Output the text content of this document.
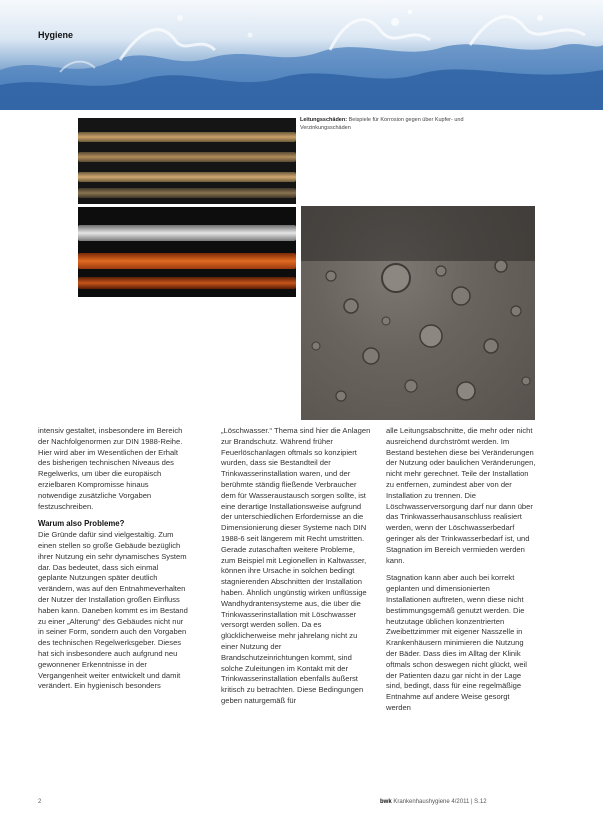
Hygiene
Leitungsschäden: Beispiele für Korrosion gegen über Kupfer- und Verzinkungsschäden

intensiv gestaltet, insbesondere im Bereich der Nachfolgenormen zur DIN 1988-Reihe. Hier wird aber im Wesentlichen der Erhalt des bisherigen technischen Niveaus des Regelwerks, um über die europäisch erzielbaren Kompromisse hinaus notwendige zusätzliche Vorgaben festzuschreiben.

Warum also Probleme?

Die Gründe dafür sind vielgestaltig. Zum einen stellen so große Gebäude bezüglich ihrer Nutzung ein sehr dynamisches System dar. Das bedeutet, dass sich einmal geplante Nutzungen später deutlich verändern, was auf den Entnahmeverhalten der Nutzer der Installation großen Einfluss haben kann. Daneben kommt es im Bestand zu einer „Alterung“ des Gebäudes nicht nur in seiner Form, sondern auch den Vorgaben des technischen Regelwerksgeber. Dieses hat sich insbesondere auch aufgrund neu gewonnener Erkenntnisse in der Vergangenheit weiter entwickelt und damit verändert. Ein hygienisch besonders

„Löschwasser.“ Thema sind hier die Anlagen zur Brandschutz. Während früher Feuerlöschanlagen oftmals so konzipiert wurden, dass sie Bestandteil der Trinkwasserinstallation waren, und der berühmte ständig fließende Verbraucher dem für Wasseraustausch sorgen sollte, ist eine derartige Installationsweise aufgrund der unterschiedlichen Erfordernisse an die Dimensionierung dieser Systeme nach DIN 1988-6 seit längerem mit Recht umstritten. Gerade zutaschaften weitere Probleme, zum Beispiel mit Legionellen in Kaltwasser, können ihre Ursache in solchen bedingt stagnierenden Abschnitten der Installation haben. Ähnlich ungünstig wirken unflüssige Wandhydrantensysteme aus, die über die Trinkwasserinstallation mit Löschwasser versorgt werden sollen. Da es glücklicherweise mehr jahrelang nicht zu einer Nutzung der Brandschutzeinrichtungen kommt, sind solche Zuleitungen im Kontakt mit der Trinkwasserinstallation ebenfalls äußerst kritisch zu betrachten. Diese Bedingungen geben naturgemäß für

alle Leitungsabschnitte, die mehr oder nicht ausreichend durchströmt werden. Im Bestand bestehen diese bei Veränderungen der Nutzung oder baulichen Veränderungen, nicht mehr gerechnet. Teile der Installation zu entfernen, zumindest aber von der Installation zu trennen. Die Löschwasserversorgung darf nur dann über das Trinkwasserhausanschluss realisiert werden, wenn der Löschwasserbedarf geringer als der Trinkwasserbedarf ist, und Stagnation im Bereich vermieden werden kann.

Stagnation kann aber auch bei korrekt geplanten und dimensionierten Installationen auftreten, wenn diese nicht bestimmungsgemäß genutzt werden. Die heutzutage üblichen konzentrierten Zweibettzimmer mit eigener Nasszelle in Krankenhäusern minimieren die Nutzung der Bäder. Dass dies im Alltag der Klinik oftmals schon deswegen nicht glückt, weil der Patienten dazu gar nicht in der Lage sind, bedingt, dass für eine regelmäßige Entnahme auf andere Weise gesorgt werden

2	bwk Krankenhaushygiene 4/2011 | S.12
